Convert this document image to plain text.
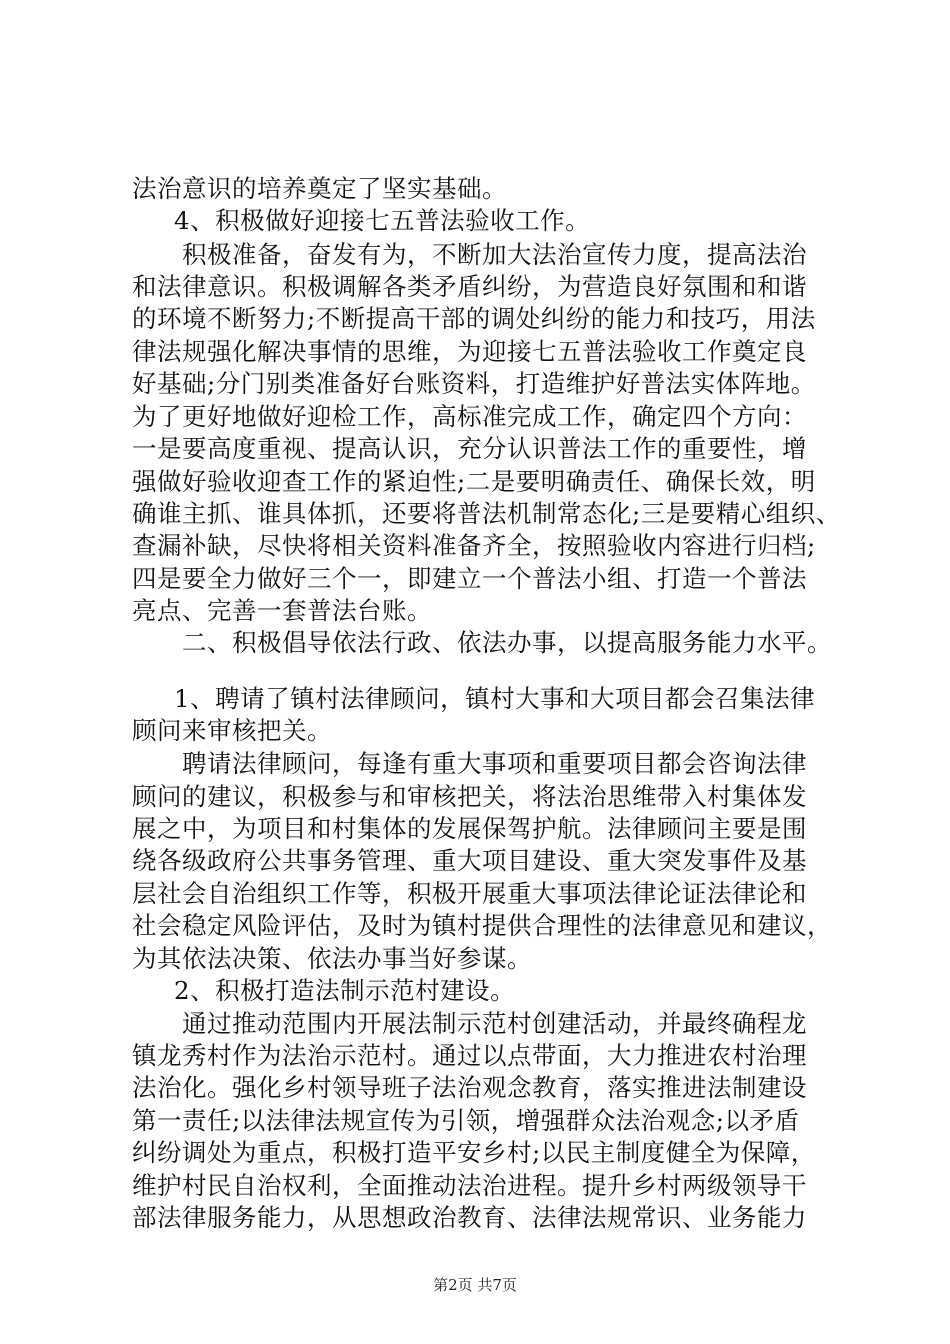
法治意识的培养奠定了坚实基础。
4、积极做好迎接七五普法验收工作。
积极准备，奋发有为，不断加大法治宣传力度，提高法治
和法律意识。积极调解各类矛盾纠纷，为营造良好氛围和和谐
的环境不断努力;不断提高干部的调处纠纷的能力和技巧，用法
律法规强化解决事情的思维，为迎接七五普法验收工作奠定良
好基础;分门别类准备好台账资料，打造维护好普法实体阵地。
为了更好地做好迎检工作，高标准完成工作，确定四个方向：
一是要高度重视、提高认识，充分认识普法工作的重要性，增
强做好验收迎查工作的紧迫性;二是要明确责任、确保长效，明
确谁主抓、谁具体抓，还要将普法机制常态化;三是要精心组织、
查漏补缺，尽快将相关资料准备齐全，按照验收内容进行归档;
四是要全力做好三个一，即建立一个普法小组、打造一个普法
亮点、完善一套普法台账。
二、积极倡导依法行政、依法办事，以提高服务能力水平。
1、聘请了镇村法律顾问，镇村大事和大项目都会召集法律
顾问来审核把关。
聘请法律顾问，每逢有重大事项和重要项目都会咨询法律
顾问的建议，积极参与和审核把关，将法治思维带入村集体发
展之中，为项目和村集体的发展保驾护航。法律顾问主要是围
绕各级政府公共事务管理、重大项目建设、重大突发事件及基
层社会自治组织工作等，积极开展重大事项法律论证法律论和
社会稳定风险评估，及时为镇村提供合理性的法律意见和建议，
为其依法决策、依法办事当好参谋。
2、积极打造法制示范村建设。
通过推动范围内开展法制示范村创建活动，并最终确程龙
镇龙秀村作为法治示范村。通过以点带面，大力推进农村治理
法治化。强化乡村领导班子法治观念教育，落实推进法制建设
第一责任;以法律法规宣传为引领，增强群众法治观念;以矛盾
纠纷调处为重点，积极打造平安乡村;以民主制度健全为保障，
维护村民自治权利，全面推动法治进程。提升乡村两级领导干
部法律服务能力，从思想政治教育、法律法规常识、业务能力
第2页 共7页
